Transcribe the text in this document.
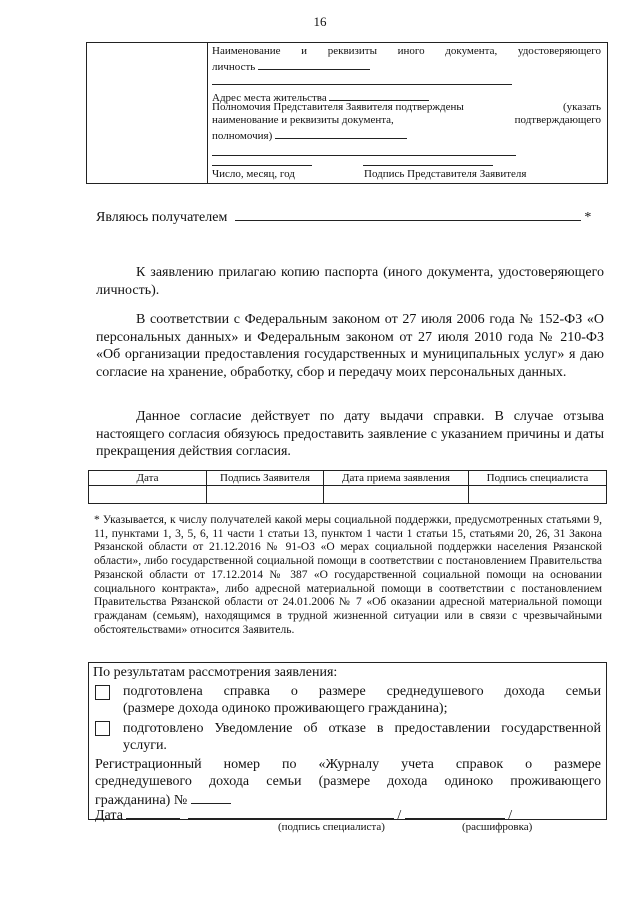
16
Наименование и реквизиты иного документа, удостоверяющего
личность
Адрес места жительства
Полномочия Представителя Заявителя подтверждены	(указать
наименование и реквизиты документа,	подтверждающего
полномочия)
Число, месяц, год	Подпись Представителя Заявителя
Являюсь получателем	*
К заявлению прилагаю копию паспорта (иного документа, удостоверяющего личность).
В соответствии с Федеральным законом от 27 июля 2006 года № 152-ФЗ «О персональных данных» и Федеральным законом от 27 июля 2010 года № 210-ФЗ «Об организации предоставления государственных и муниципальных услуг» я даю согласие на хранение, обработку, сбор и передачу моих персональных данных.
Данное согласие действует по дату выдачи справки. В случае отзыва настоящего согласия обязуюсь предоставить заявление с указанием причины и даты прекращения действия согласия.
Дата	Подпись Заявителя	Дата приема заявления	Подпись специалиста

* Указывается, к числу получателей какой меры социальной поддержки, предусмотренных статьями 9, 11, пунктами 1, 3, 5, 6, 11 части 1 статьи 13, пунктом 1 части 1 статьи 15, статьями 20, 26, 31 Закона Рязанской области от 21.12.2016 № 91-ОЗ «О мерах социальной поддержки населения Рязанской области», либо государственной социальной помощи в соответствии с постановлением Правительства Рязанской области от 17.12.2014 № 387 «О государственной социальной помощи на основании социального контракта», либо адресной материальной помощи в соответствии с постановлением Правительства Рязанской области от 24.01.2006 № 7 «Об оказании адресной материальной помощи гражданам (семьям), находящимся в трудной жизненной ситуации или в связи с чрезвычайными обстоятельствами» относится Заявитель.
По результатам рассмотрения заявления:
подготовлена справка о размере среднедушевого дохода семьи
(размере дохода одиноко проживающего гражданина);
подготовлено Уведомление об отказе в предоставлении государственной
услуги.
Регистрационный номер по «Журналу учета справок о размере
среднедушевого дохода семьи (размере дохода одиноко проживающего
гражданина) №
Дата	/	/
(подпись специалиста)	(расшифровка)
